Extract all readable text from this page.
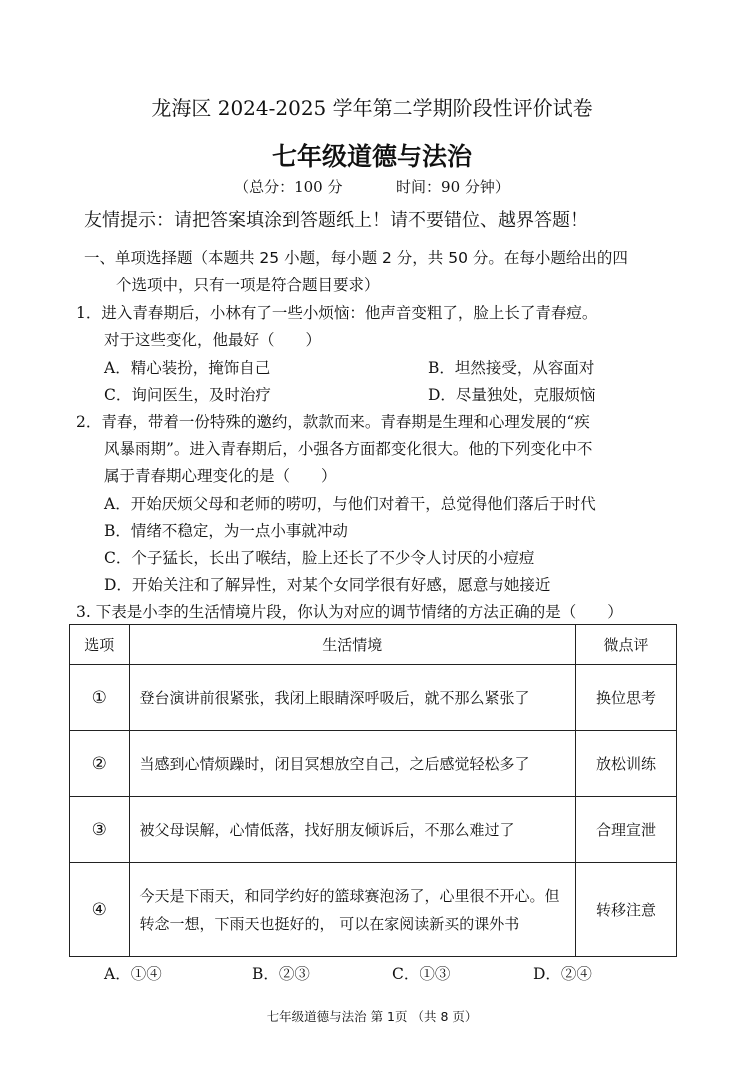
龙海区 2024-2025 学年第二学期阶段性评价试卷
七年级道德与法治
（总分：100 分	时间：90 分钟）
友情提示：请把答案填涂到答题纸上！请不要错位、越界答题！
一、单项选择题（本题共 25 小题，每小题 2 分，共 50 分。在每小题给出的四
个选项中，只有一项是符合题目要求）
1．进入青春期后，小林有了一些小烦恼：他声音变粗了，脸上长了青春痘。
对于这些变化，他最好（　　）
A．精心装扮，掩饰自己	B．坦然接受，从容面对
C．询问医生，及时治疗	D．尽量独处，克服烦恼
2．青春，带着一份特殊的邀约，款款而来。青春期是生理和心理发展的“疾
风暴雨期”。进入青春期后，小强各方面都变化很大。他的下列变化中不
属于青春期心理变化的是（　　）
A．开始厌烦父母和老师的唠叨，与他们对着干，总觉得他们落后于时代
B．情绪不稳定，为一点小事就冲动
C．个子猛长，长出了喉结，脸上还长了不少令人讨厌的小痘痘
D．开始关注和了解异性，对某个女同学很有好感，愿意与她接近
3. 下表是小李的生活情境片段，你认为对应的调节情绪的方法正确的是（　　）
选项	生活情境	微点评
①	登台演讲前很紧张，我闭上眼睛深呼吸后，就不那么紧张了	换位思考
②	当感到心情烦躁时，闭目冥想放空自己，之后感觉轻松多了	放松训练
③	被父母误解，心情低落，找好朋友倾诉后，不那么难过了	合理宣泄
④	今天是下雨天，和同学约好的篮球赛泡汤了，心里很不开心。但转念一想，下雨天也挺好的， 可以在家阅读新买的课外书	转移注意
A．①④	B．②③	C．①③	D．②④
七年级道德与法治 第 1页 （共 8 页）
